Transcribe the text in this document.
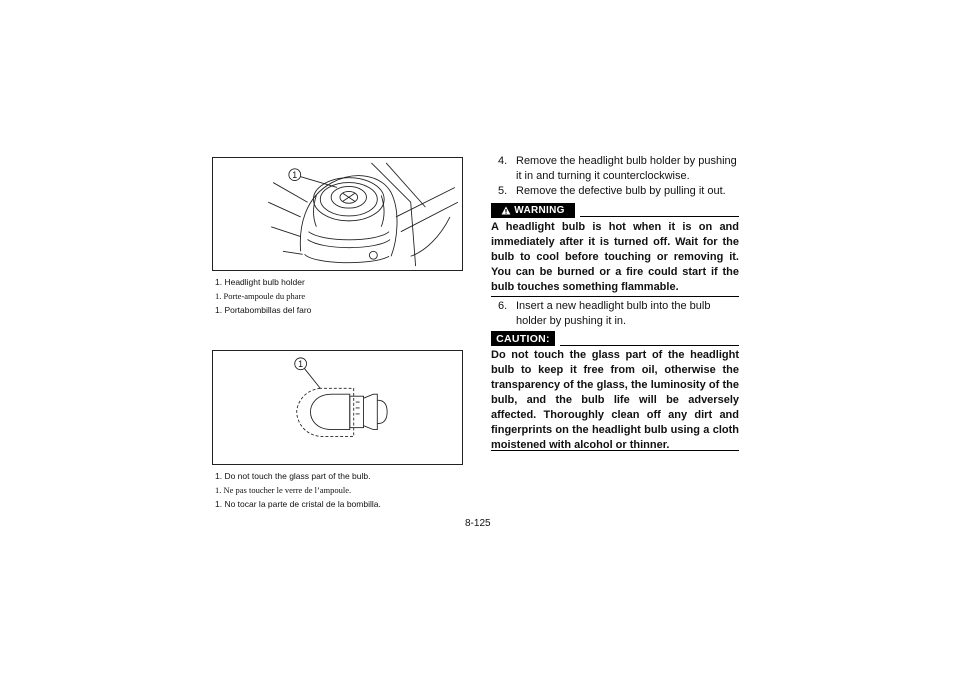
1
1. Headlight bulb holder
1. Porte-ampoule du phare
1. Portabombillas del faro
1
1. Do not touch the glass part of the bulb.
1. Ne pas toucher le verre de l’ampoule.
1. No tocar la parte de cristal de la bombilla.
4. Remove the headlight bulb holder by pushing it in and turning it counterclockwise.
5. Remove the defective bulb by pulling it out.
WARNING
A headlight bulb is hot when it is on and immediately after it is turned off. Wait for the bulb to cool before touching or removing it. You can be burned or a fire could start if the bulb touches something flammable.
6. Insert a new headlight bulb into the bulb holder by pushing it in.
CAUTION:
Do not touch the glass part of the headlight bulb to keep it free from oil, otherwise the transparency of the glass, the luminosity of the bulb, and the bulb life will be adversely affected. Thoroughly clean off any dirt and fingerprints on the headlight bulb using a cloth moistened with alcohol or thinner.
8-125
